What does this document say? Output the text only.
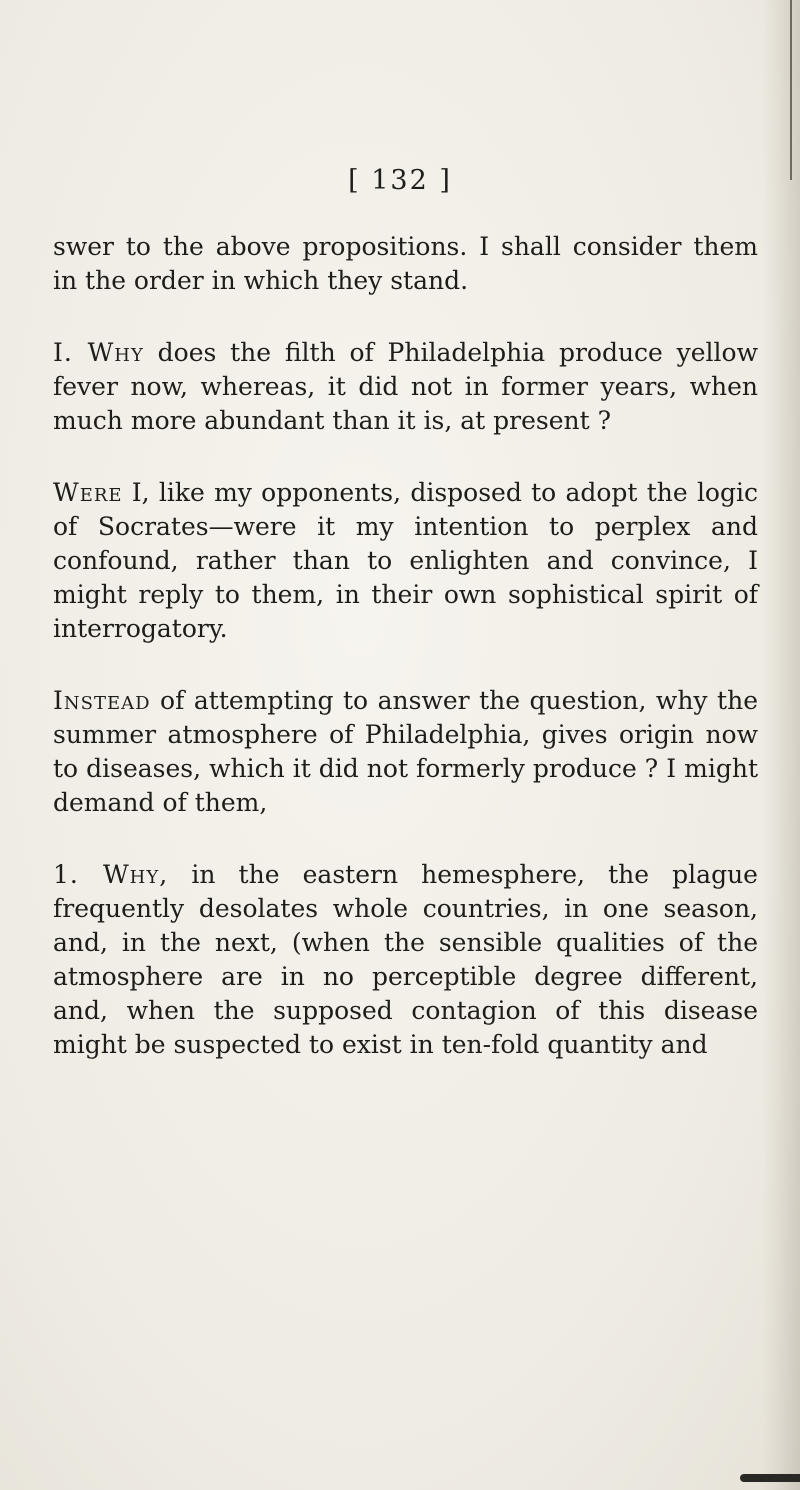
[ 132 ]

swer to the above propositions. I shall consider them in the order in which they stand.

I. Why does the filth of Philadelphia produce yellow fever now, whereas, it did not in former years, when much more abundant than it is, at present ?

Were I, like my opponents, disposed to adopt the logic of Socrates—were it my intention to perplex and confound, rather than to enlighten and convince, I might reply to them, in their own sophistical spirit of interrogatory.

Instead of attempting to answer the question, why the summer atmosphere of Philadelphia, gives origin now to diseases, which it did not formerly produce ? I might demand of them,

1. Why, in the eastern hemesphere, the plague frequently desolates whole countries, in one season, and, in the next, (when the sensible qualities of the atmosphere are in no perceptible degree different, and, when the supposed contagion of this disease might be suspected to exist in ten-fold quantity and
